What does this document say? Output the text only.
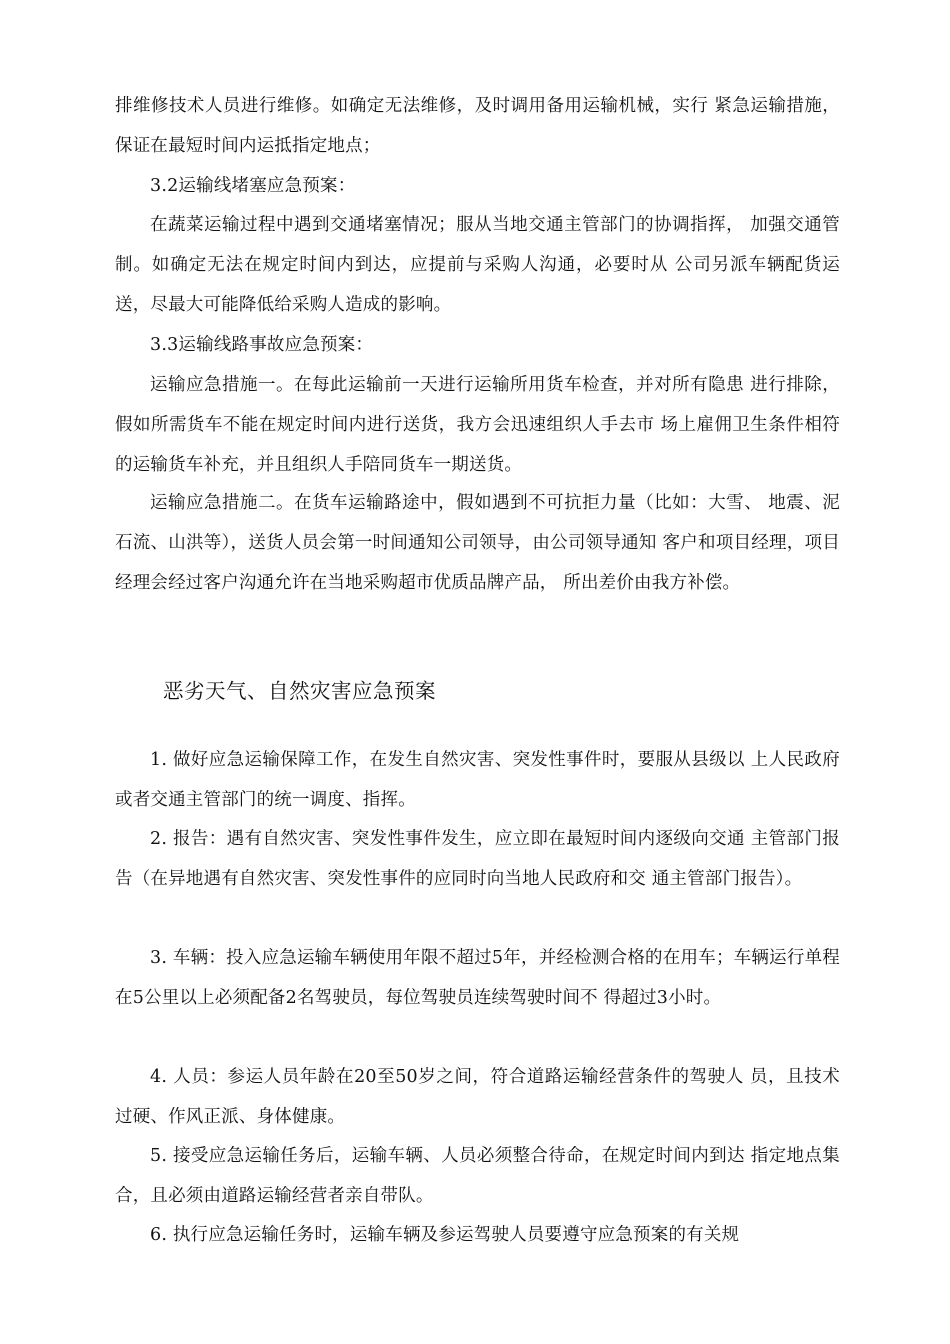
排维修技术人员进行维修。如确定无法维修，及时调用备用运输机械，实行 紧急运输措施，保证在最短时间内运抵指定地点；

3.2运输线堵塞应急预案：

在蔬菜运输过程中遇到交通堵塞情况；服从当地交通主管部门的协调指挥， 加强交通管制。如确定无法在规定时间内到达，应提前与采购人沟通，必要时从 公司另派车辆配货运送，尽最大可能降低给采购人造成的影响。

3.3运输线路事故应急预案：

运输应急措施一。在每此运输前一天进行运输所用货车检查，并对所有隐患 进行排除，假如所需货车不能在规定时间内进行送货，我方会迅速组织人手去市 场上雇佣卫生条件相符的运输货车补充，并且组织人手陪同货车一期送货。

运输应急措施二。在货车运输路途中，假如遇到不可抗拒力量（比如：大雪、 地震、泥石流、山洪等），送货人员会第一时间通知公司领导，由公司领导通知 客户和项目经理，项目经理会经过客户沟通允许在当地采购超市优质品牌产品， 所出差价由我方补偿。

恶劣天气、自然灾害应急预案

1. 做好应急运输保障工作，在发生自然灾害、突发性事件时，要服从县级以 上人民政府或者交通主管部门的统一调度、指挥。

2. 报告：遇有自然灾害、突发性事件发生，应立即在最短时间内逐级向交通 主管部门报告（在异地遇有自然灾害、突发性事件的应同时向当地人民政府和交 通主管部门报告）。

3. 车辆：投入应急运输车辆使用年限不超过5年，并经检测合格的在用车；车辆运行单程在5公里以上必须配备2名驾驶员，每位驾驶员连续驾驶时间不 得超过3小时。

4. 人员：参运人员年龄在20至50岁之间，符合道路运输经营条件的驾驶人 员，且技术过硬、作风正派、身体健康。

5. 接受应急运输任务后，运输车辆、人员必须整合待命，在规定时间内到达 指定地点集合，且必须由道路运输经营者亲自带队。

6. 执行应急运输任务时，运输车辆及参运驾驶人员要遵守应急预案的有关规
